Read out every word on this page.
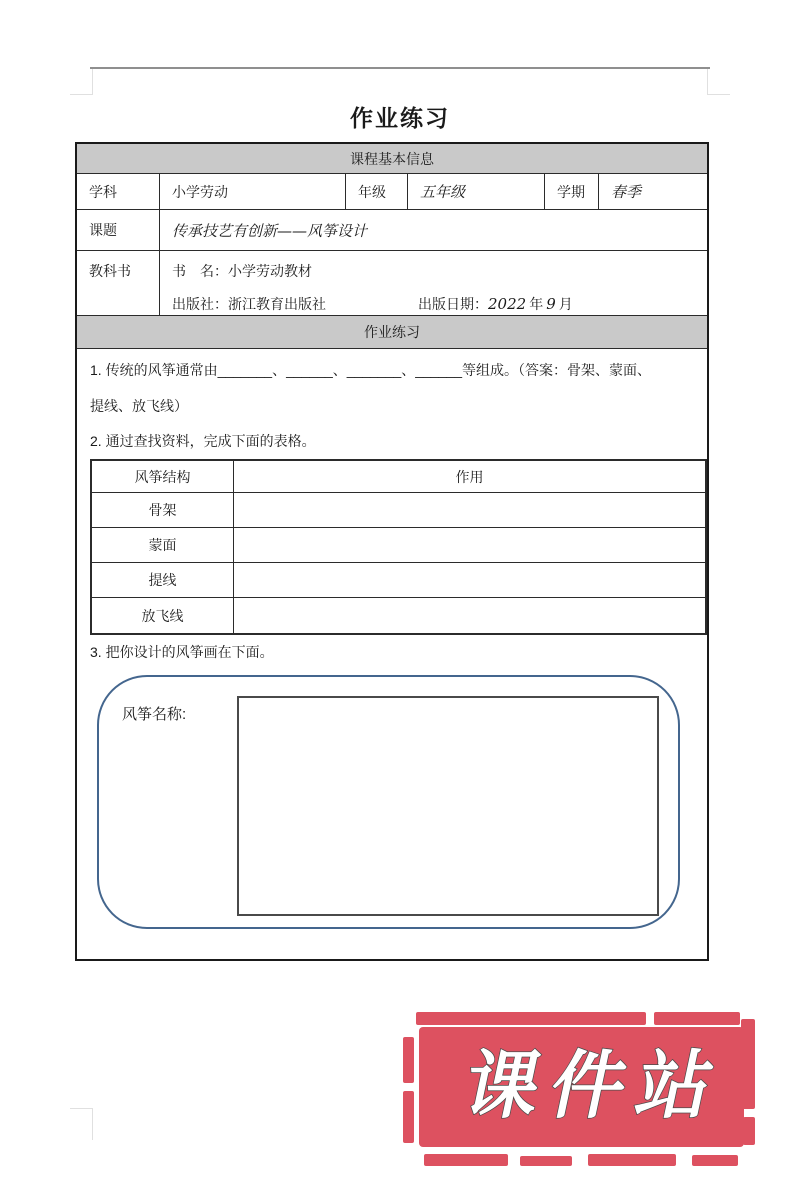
作业练习
课程基本信息
学科	小学劳动	年级	五年级	学期	春季
课题	传承技艺有创新——风筝设计
教科书	书　名：小学劳动教材
出版社：浙江教育出版社	出版日期： 2022 年 9 月
作业练习
1. 传统的风筝通常由_______、______、_______、______等组成。（答案：骨架、蒙面、
提线、放飞线）
2. 通过查找资料，完成下面的表格。
风筝结构	作用
骨架
蒙面
提线
放飞线
3. 把你设计的风筝画在下面。
风筝名称:
课件站
